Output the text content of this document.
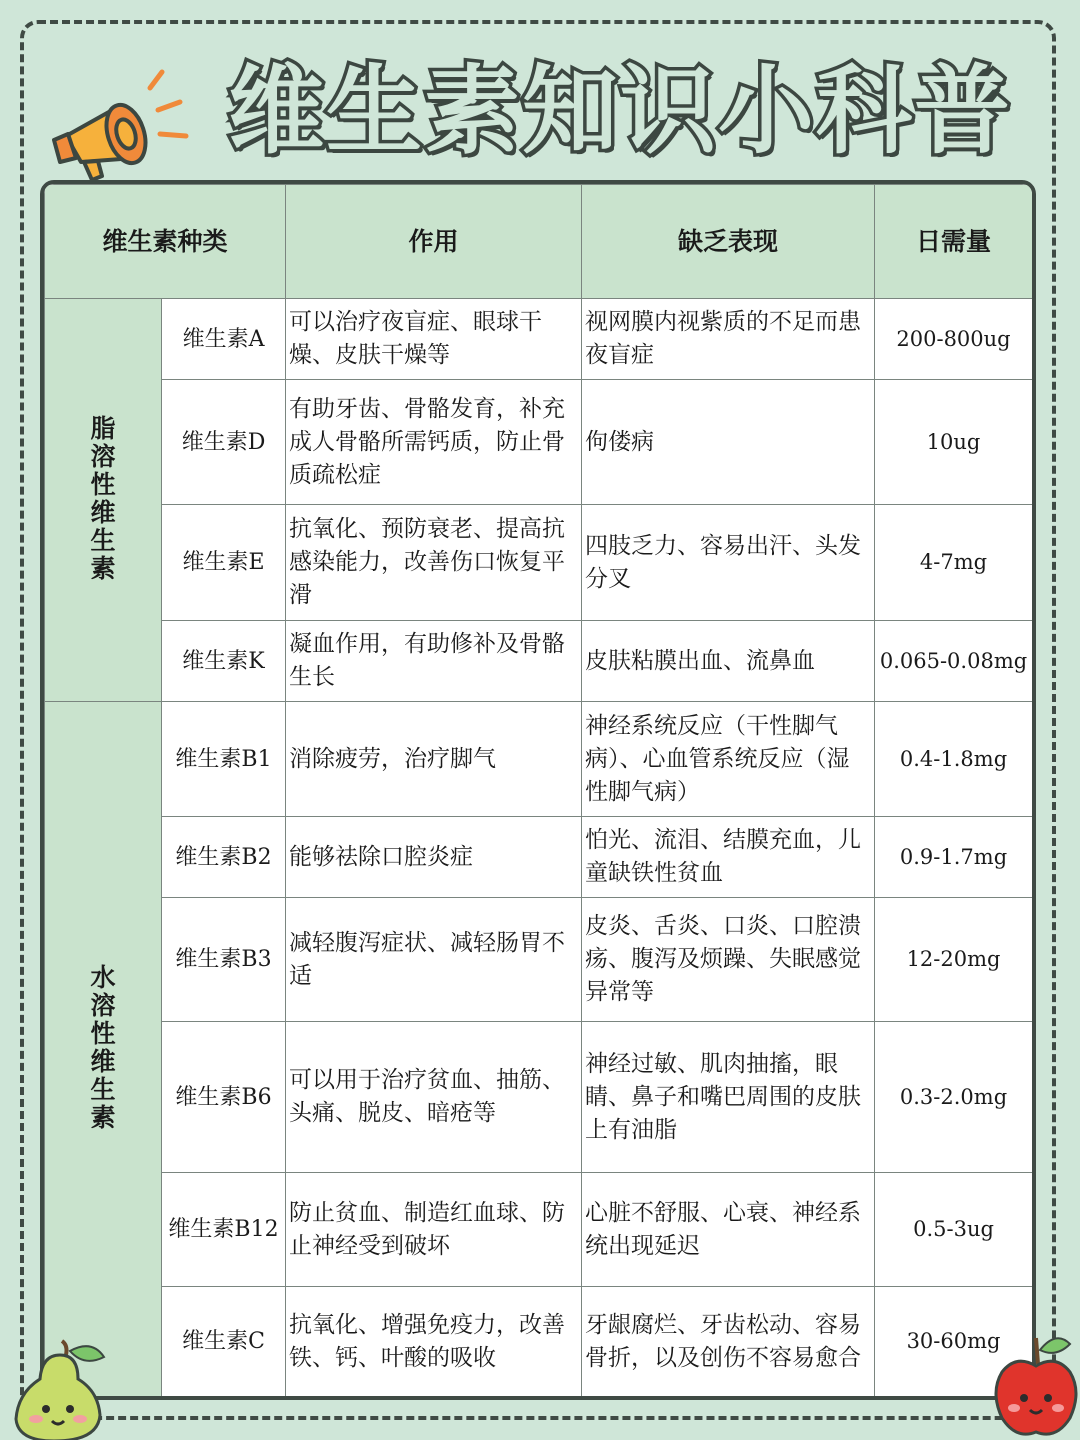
维生素知识小科普
维生素种类		作用	缺乏表现	日需量
脂溶性维生素	维生素A	可以治疗夜盲症、眼球干燥、皮肤干燥等	视网膜内视紫质的不足而患夜盲症	200-800ug
	维生素D	有助牙齿、骨骼发育，补充成人骨骼所需钙质，防止骨质疏松症	佝偻病	10ug
	维生素E	抗氧化、预防衰老、提高抗感染能力，改善伤口恢复平滑	四肢乏力、容易出汗、头发分叉	4-7mg
	维生素K	凝血作用，有助修补及骨骼生长	皮肤粘膜出血、流鼻血	0.065-0.08mg
水溶性维生素	维生素B1	消除疲劳，治疗脚气	神经系统反应（干性脚气病）、心血管系统反应（湿性脚气病）	0.4-1.8mg
	维生素B2	能够祛除口腔炎症	怕光、流泪、结膜充血，儿童缺铁性贫血	0.9-1.7mg
	维生素B3	减轻腹泻症状、减轻肠胃不适	皮炎、舌炎、口炎、口腔溃疡、腹泻及烦躁、失眠感觉异常等	12-20mg
	维生素B6	可以用于治疗贫血、抽筋、头痛、脱皮、暗疮等	神经过敏、肌肉抽搐，眼睛、鼻子和嘴巴周围的皮肤上有油脂	0.3-2.0mg
	维生素B12	防止贫血、制造红血球、防止神经受到破坏	心脏不舒服、心衰、神经系统出现延迟	0.5-3ug
	维生素C	抗氧化、增强免疫力，改善铁、钙、叶酸的吸收	牙龈腐烂、牙齿松动、容易骨折，以及创伤不容易愈合	30-60mg
